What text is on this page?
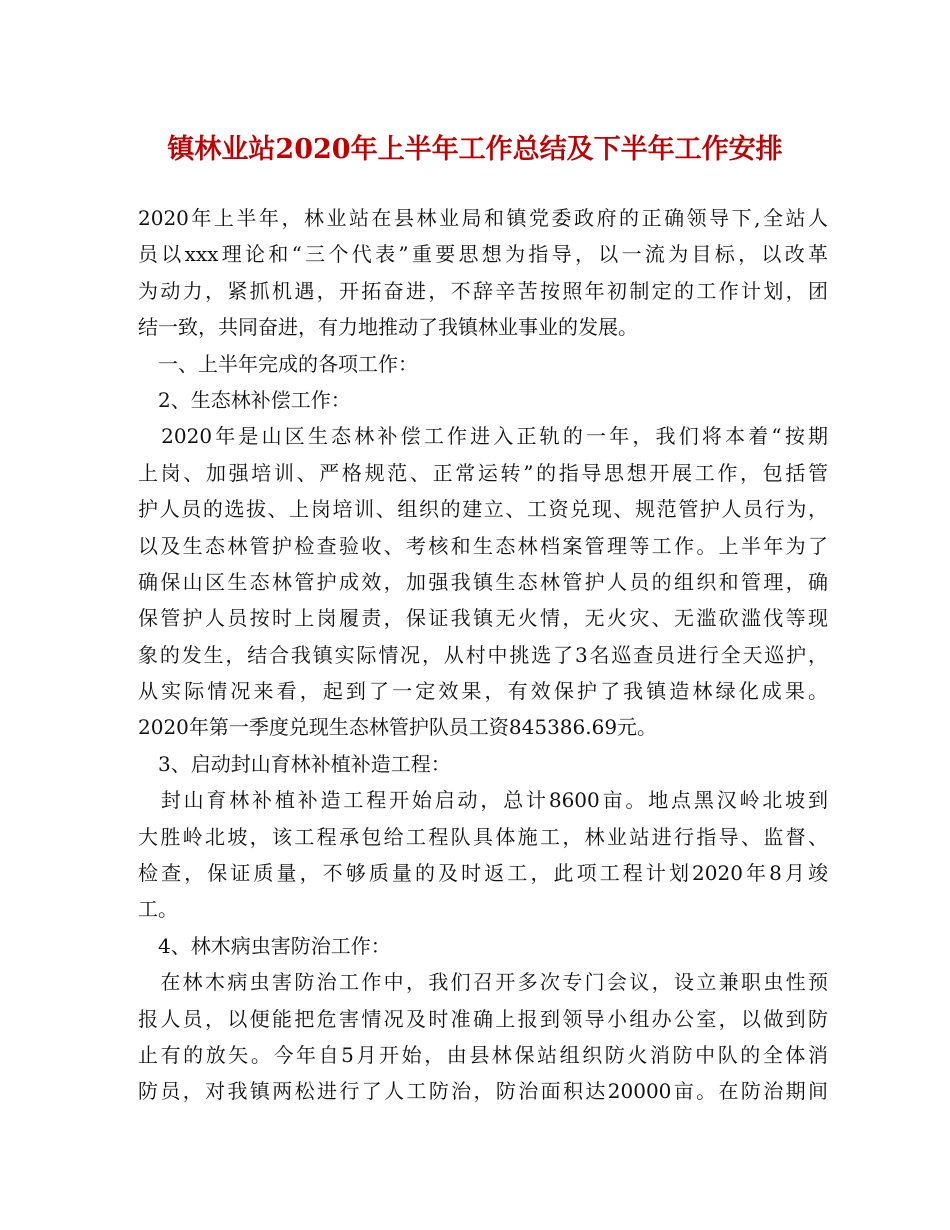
镇林业站2020年上半年工作总结及下半年工作安排
2020年上半年，林业站在县林业局和镇党委政府的正确领导下,全站人
员以xxx理论和“三个代表”重要思想为指导，以一流为目标，以改革
为动力，紧抓机遇，开拓奋进，不辞辛苦按照年初制定的工作计划，团
结一致，共同奋进，有力地推动了我镇林业事业的发展。
　一、上半年完成的各项工作：
　2、生态林补偿工作：
　2020年是山区生态林补偿工作进入正轨的一年，我们将本着“按期
上岗、加强培训、严格规范、正常运转”的指导思想开展工作，包括管
护人员的选拔、上岗培训、组织的建立、工资兑现、规范管护人员行为，
以及生态林管护检查验收、考核和生态林档案管理等工作。上半年为了
确保山区生态林管护成效，加强我镇生态林管护人员的组织和管理，确
保管护人员按时上岗履责，保证我镇无火情，无火灾、无滥砍滥伐等现
象的发生，结合我镇实际情况，从村中挑选了3名巡查员进行全天巡护，
从实际情况来看，起到了一定效果，有效保护了我镇造林绿化成果。
2020年第一季度兑现生态林管护队员工资845386.69元。
　3、启动封山育林补植补造工程：
　封山育林补植补造工程开始启动，总计8600亩。地点黑汉岭北坡到
大胜岭北坡，该工程承包给工程队具体施工，林业站进行指导、监督、
检查，保证质量，不够质量的及时返工，此项工程计划2020年8月竣
工。
　4、林木病虫害防治工作：
　在林木病虫害防治工作中，我们召开多次专门会议，设立兼职虫性预
报人员，以便能把危害情况及时准确上报到领导小组办公室，以做到防
止有的放矢。今年自5月开始，由县林保站组织防火消防中队的全体消
防员，对我镇两松进行了人工防治，防治面积达20000亩。在防治期间
